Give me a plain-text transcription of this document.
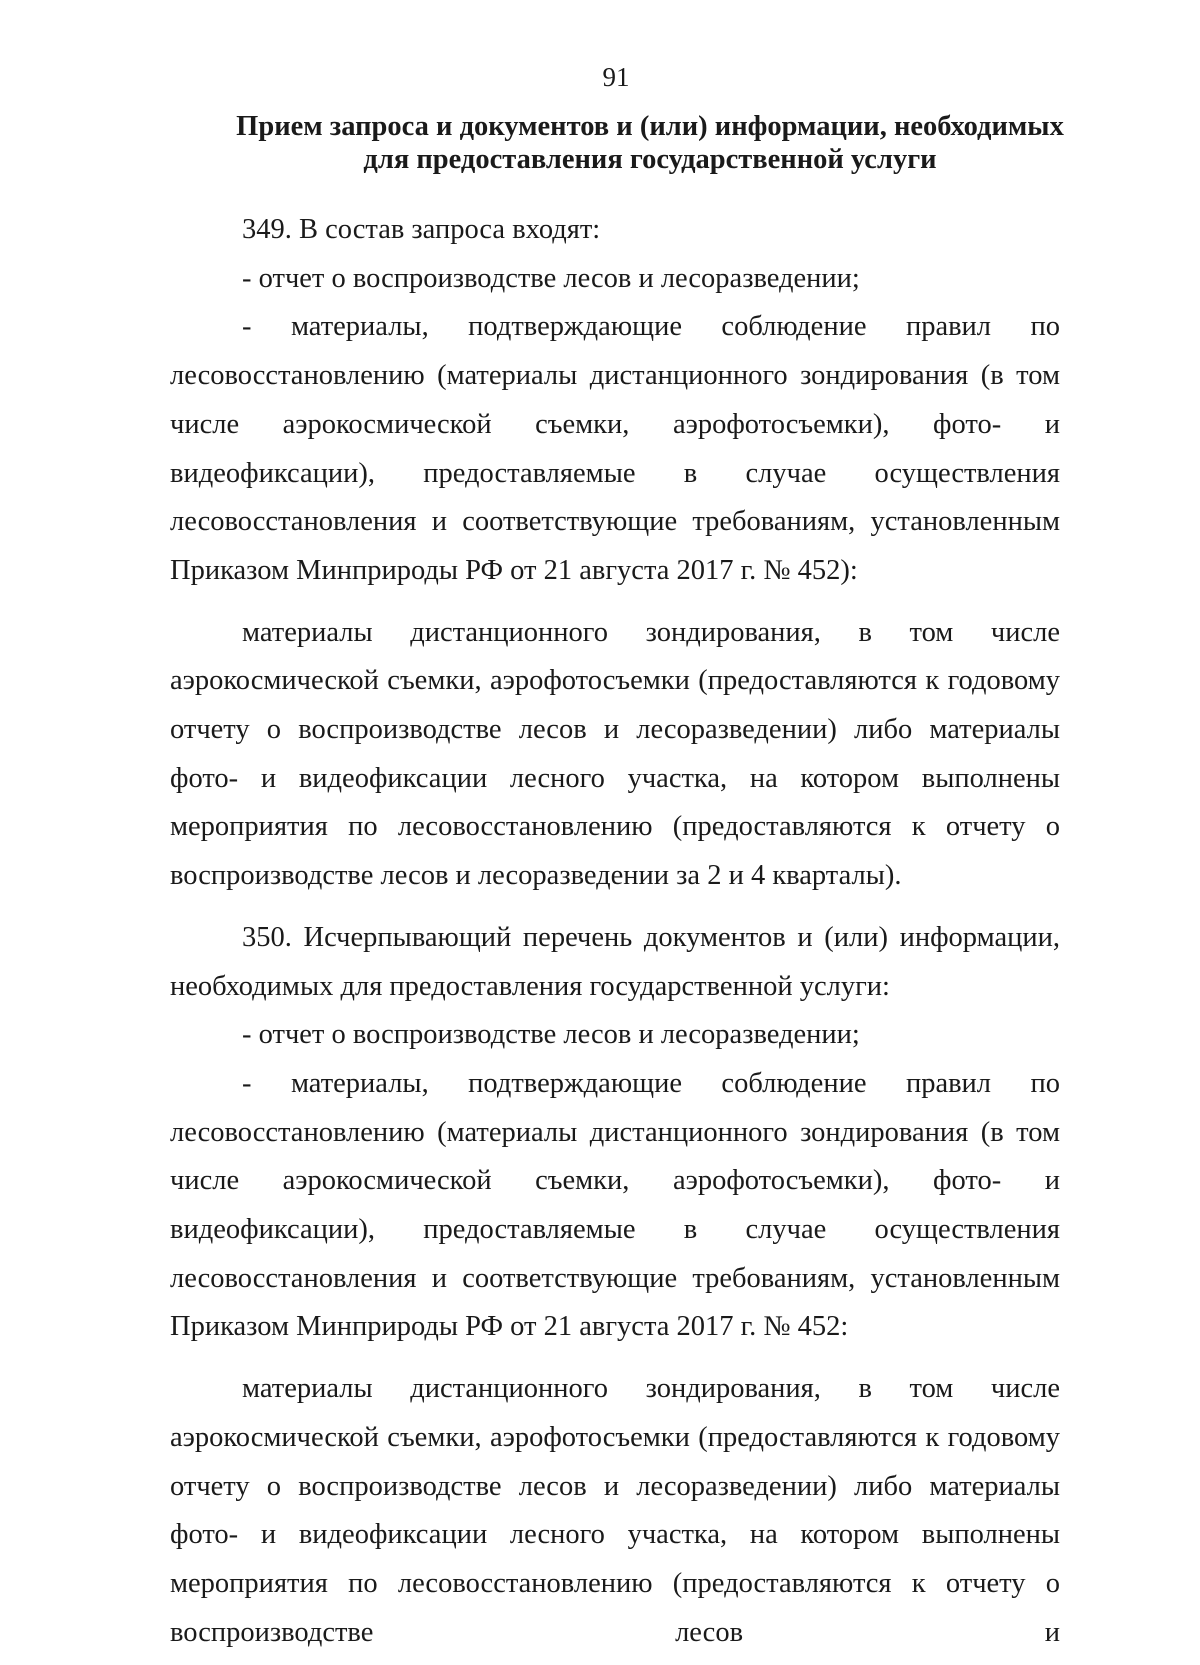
91
Прием запроса и документов и (или) информации, необходимых
для предоставления государственной услуги

349. В состав запроса входят:

- отчет о воспроизводстве лесов и лесоразведении;

- материалы, подтверждающие соблюдение правил по лесовосстановлению (материалы дистанционного зондирования (в том числе аэрокосмической съемки, аэрофотосъемки), фото- и видеофиксации), предоставляемые в случае осуществления лесовосстановления и соответствующие требованиям, установленным Приказом Минприроды РФ от 21 августа 2017 г. № 452):

материалы дистанционного зондирования, в том числе аэрокосмической съемки, аэрофотосъемки (предоставляются к годовому отчету о воспроизводстве лесов и лесоразведении) либо материалы фото- и видеофиксации лесного участка, на котором выполнены мероприятия по лесовосстановлению (предоставляются к отчету о воспроизводстве лесов и лесоразведении за 2 и 4 кварталы).

350. Исчерпывающий перечень документов и (или) информации, необходимых для предоставления государственной услуги:

- отчет о воспроизводстве лесов и лесоразведении;

- материалы, подтверждающие соблюдение правил по лесовосстановлению (материалы дистанционного зондирования (в том числе аэрокосмической съемки, аэрофотосъемки), фото- и видеофиксации), предоставляемые в случае осуществления лесовосстановления и соответствующие требованиям, установленным Приказом Минприроды РФ от 21 августа 2017 г. № 452:

материалы дистанционного зондирования, в том числе аэрокосмической съемки, аэрофотосъемки (предоставляются к годовому отчету о воспроизводстве лесов и лесоразведении) либо материалы фото- и видеофиксации лесного участка, на котором выполнены мероприятия по лесовосстановлению (предоставляются к отчету о воспроизводстве лесов и
